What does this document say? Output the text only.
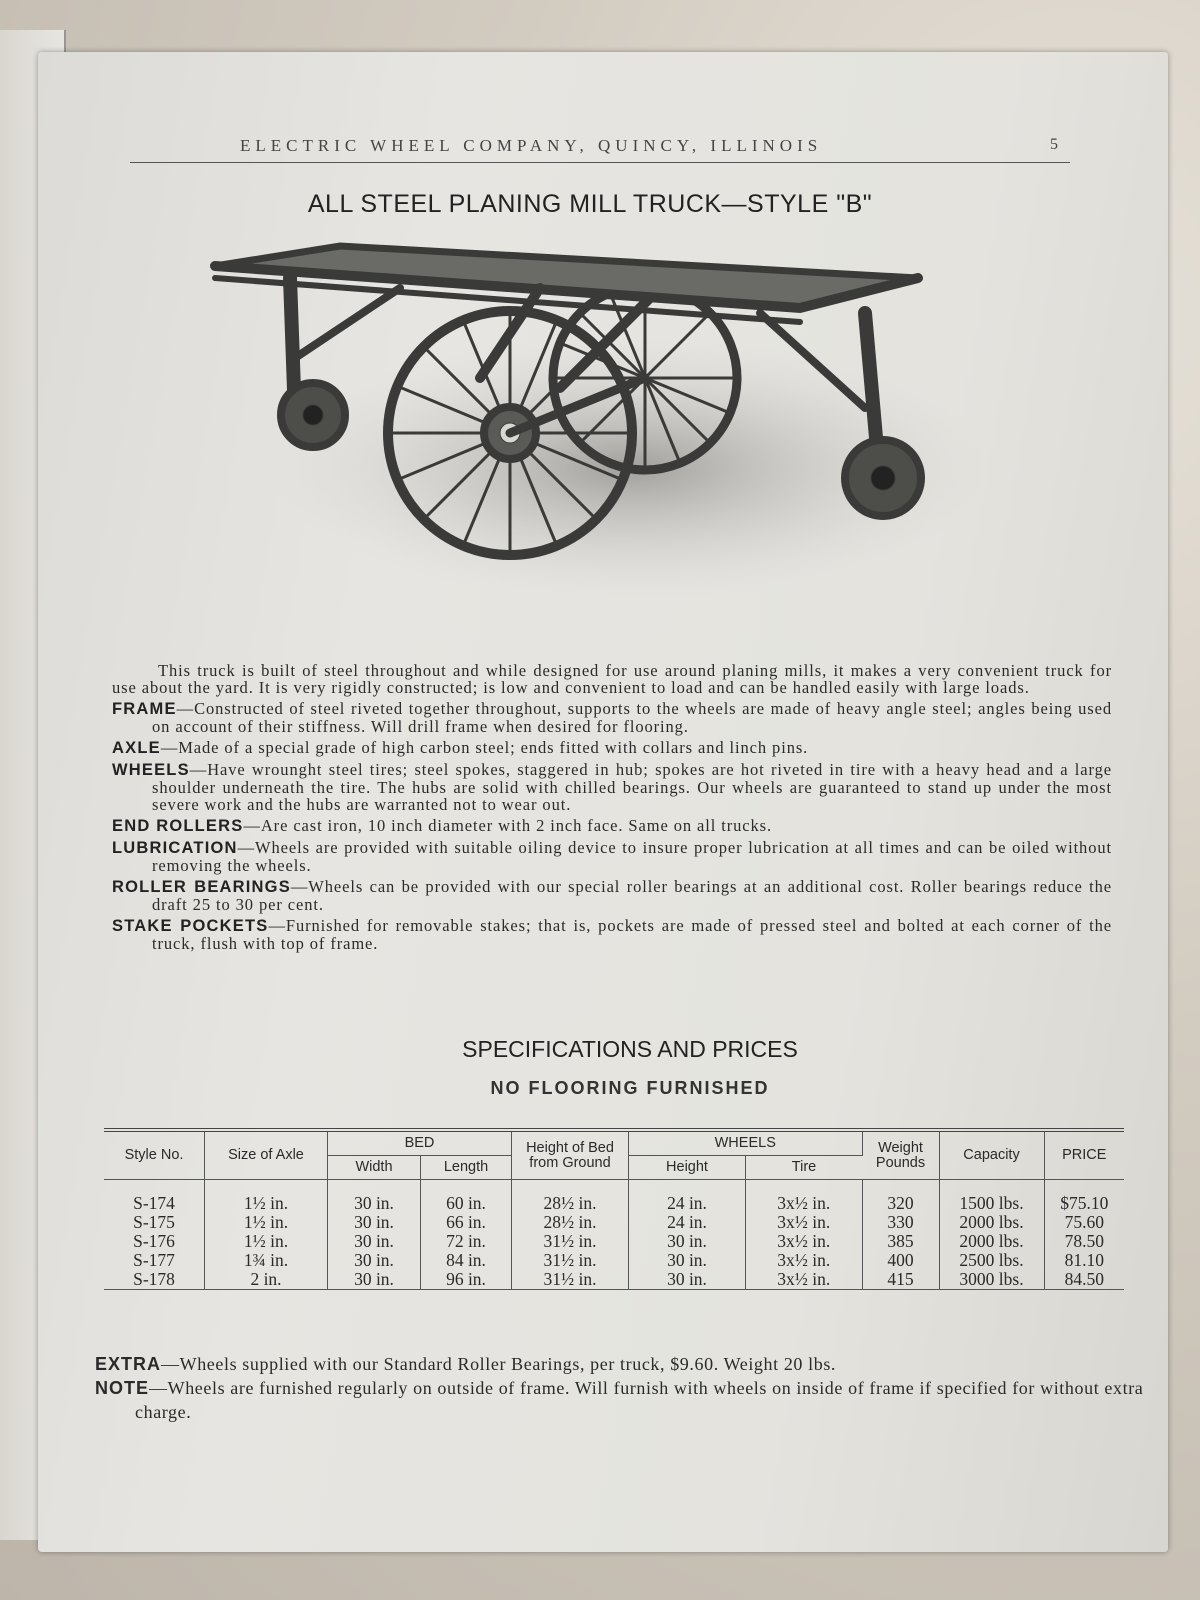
ELECTRIC WHEEL COMPANY, QUINCY, ILLINOIS	5
ALL STEEL PLANING MILL TRUCK—STYLE "B"

This truck is built of steel throughout and while designed for use around planing mills, it makes a very convenient truck for use about the yard. It is very rigidly constructed; is low and convenient to load and can be handled easily with large loads.

FRAME—Constructed of steel riveted together throughout, supports to the wheels are made of heavy angle steel; angles being used on account of their stiffness. Will drill frame when desired for flooring.

AXLE—Made of a special grade of high carbon steel; ends fitted with collars and linch pins.

WHEELS—Have wrounght steel tires; steel spokes, staggered in hub; spokes are hot riveted in tire with a heavy head and a large shoulder underneath the tire. The hubs are solid with chilled bearings. Our wheels are guaranteed to stand up under the most severe work and the hubs are warranted not to wear out.

END ROLLERS—Are cast iron, 10 inch diameter with 2 inch face. Same on all trucks.

LUBRICATION—Wheels are provided with suitable oiling device to insure proper lubrication at all times and can be oiled without removing the wheels.

ROLLER BEARINGS—Wheels can be provided with our special roller bearings at an additional cost. Roller bearings reduce the draft 25 to 30 per cent.

STAKE POCKETS—Furnished for removable stakes; that is, pockets are made of pressed steel and bolted at each corner of the truck, flush with top of frame.

SPECIFICATIONS AND PRICES
NO FLOORING FURNISHED
Style No.	Size of Axle	BED		Height of Bed from Ground	WHEELS		Weight Pounds	Capacity	PRICE
		Width	Length		Height	Tire			
S-174	1½ in.	30 in.	60 in.	28½ in.	24 in.	3x½ in.	320	1500 lbs.	$75.10
S-175	1½ in.	30 in.	66 in.	28½ in.	24 in.	3x½ in.	330	2000 lbs.	75.60
S-176	1½ in.	30 in.	72 in.	31½ in.	30 in.	3x½ in.	385	2000 lbs.	78.50
S-177	1¾ in.	30 in.	84 in.	31½ in.	30 in.	3x½ in.	400	2500 lbs.	81.10
S-178	2 in.	30 in.	96 in.	31½ in.	30 in.	3x½ in.	415	3000 lbs.	84.50

EXTRA—Wheels supplied with our Standard Roller Bearings, per truck, $9.60. Weight 20 lbs.

NOTE—Wheels are furnished regularly on outside of frame. Will furnish with wheels on inside of frame if specified for without extra charge.
